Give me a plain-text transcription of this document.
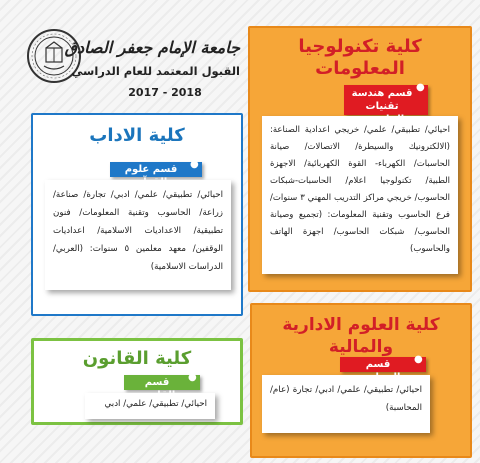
جامعة الإمام جعفر الصادق
القبول المعتمد للعام الدراسي
2017 - 2018
كلية تكنولوجيا
المعلومات
قسم هندسة تقنيات
●
احيائي/ تطبيقي/ علمي/ خريجي اعدادية الصناعة: (الالكترونيك والسيطرة/ الاتصالات/ صيانة الحاسبات/ الكهرباء- القوة الكهربائية/ الاجهزة الطبية/ تكنولوجيا اعلام/ الحاسبات-شبكات الحاسوب/ خريجي مراكز التدريب المهني ٣ سنوات/ فرع الحاسوب وتقنية المعلومات: (تجميع وصيانة الحاسوب/ شبكات الحاسوب/ اجهزة الهاتف والحاسوب)
كلية الاداب
قسم علوم	●
احيائي/ تطبيقي/ علمي/ ادبي/ تجارة/ صناعة/ زراعة/ الحاسوب وتقنية المعلومات/ فنون تطبيقية/ الاعداديات الاسلامية/ اعداديات الوقفين/ معهد معلمين ٥ سنوات: (العربي/ الدراسات الاسلامية)
كلية القانون
قسم	●
احيائي/ تطبيقي/ علمي/ ادبي
كلية العلوم الادارية
والمالية
قسم	●
احيائي/ تطبيقي/ علمي/ ادبي/ تجارة (عام/ المحاسبة)
